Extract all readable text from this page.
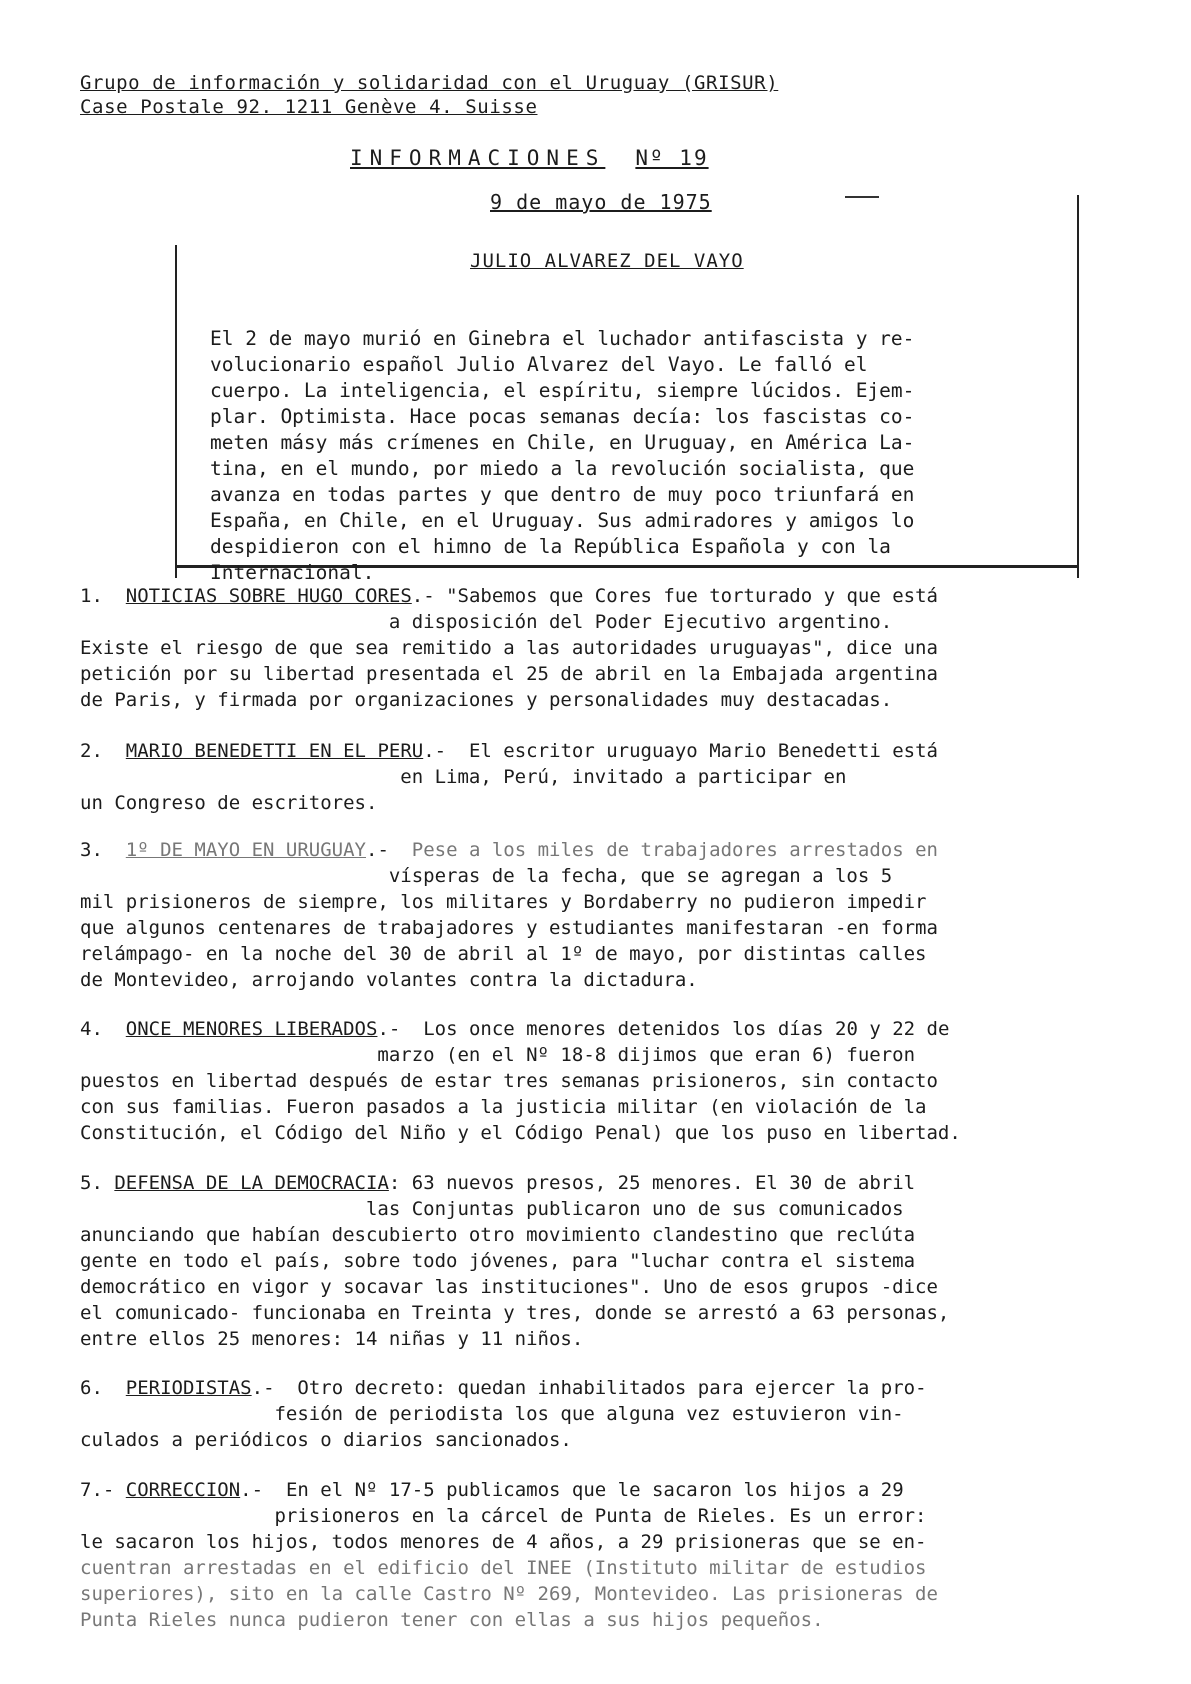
Grupo de información y solidaridad con el Uruguay (GRISUR)
Case Postale 92. 1211 Genève 4. Suisse
INFORMACIONES Nº 19
9 de mayo de 1975
JULIO ALVAREZ DEL VAYO

El 2 de mayo murió en Ginebra el luchador antifascista y re-
volucionario español Julio Alvarez del Vayo. Le falló el
cuerpo. La inteligencia, el espíritu, siempre lúcidos. Ejem-
plar. Optimista. Hace pocas semanas decía: los fascistas co-
meten másy más crímenes en Chile, en Uruguay, en América La-
tina, en el mundo, por miedo a la revolución socialista, que
avanza en todas partes y que dentro de muy poco triunfará en
España, en Chile, en el Uruguay. Sus admiradores y amigos lo
despidieron con el himno de la República Española y con la
Internacional.
1. NOTICIAS SOBRE HUGO CORES.- "Sabemos que Cores fue torturado y que está
a disposición del Poder Ejecutivo argentino.
Existe el riesgo de que sea remitido a las autoridades uruguayas", dice una
petición por su libertad presentada el 25 de abril en la Embajada argentina
de Paris, y firmada por organizaciones y personalidades muy destacadas.
2. MARIO BENEDETTI EN EL PERU.-  El escritor uruguayo Mario Benedetti está
en Lima, Perú, invitado a participar en
un Congreso de escritores.
3. 1º DE MAYO EN URUGUAY.-  Pese a los miles de trabajadores arrestados en
vísperas de la fecha, que se agregan a los 5
mil prisioneros de siempre, los militares y Bordaberry no pudieron impedir
que algunos centenares de trabajadores y estudiantes manifestaran -en forma
relámpago- en la noche del 30 de abril al 1º de mayo, por distintas calles
de Montevideo, arrojando volantes contra la dictadura.
4. ONCE MENORES LIBERADOS.-  Los once menores detenidos los días 20 y 22 de
marzo (en el Nº 18-8 dijimos que eran 6) fueron
puestos en libertad después de estar tres semanas prisioneros, sin contacto
con sus familias. Fueron pasados a la justicia militar (en violación de la
Constitución, el Código del Niño y el Código Penal) que los puso en libertad.
5. DEFENSA DE LA DEMOCRACIA: 63 nuevos presos, 25 menores. El 30 de abril
las Conjuntas publicaron uno de sus comunicados
anunciando que habían descubierto otro movimiento clandestino que reclúta
gente en todo el país, sobre todo jóvenes, para "luchar contra el sistema
democrático en vigor y socavar las instituciones". Uno de esos grupos -dice
el comunicado- funcionaba en Treinta y tres, donde se arrestó a 63 personas,
entre ellos 25 menores: 14 niñas y 11 niños.
6. PERIODISTAS.-  Otro decreto: quedan inhabilitados para ejercer la pro-
fesión de periodista los que alguna vez estuvieron vin-
culados a periódicos o diarios sancionados.
7.- CORRECCION.-  En el Nº 17-5 publicamos que le sacaron los hijos a 29
prisioneros en la cárcel de Punta de Rieles. Es un error:
le sacaron los hijos, todos menores de 4 años, a 29 prisioneras que se en-
cuentran arrestadas en el edificio del INEE (Instituto militar de estudios
superiores), sito en la calle Castro Nº 269, Montevideo. Las prisioneras de
Punta Rieles nunca pudieron tener con ellas a sus hijos pequeños.
